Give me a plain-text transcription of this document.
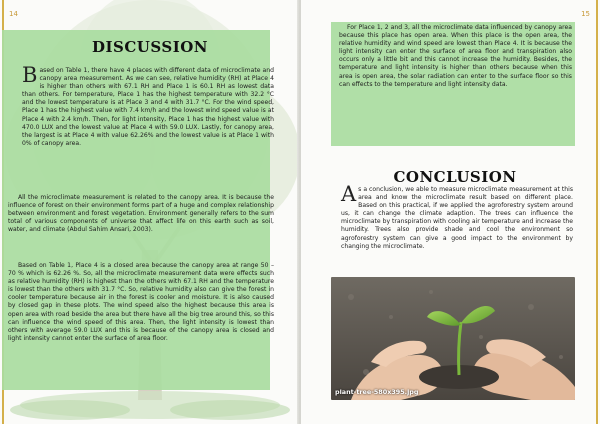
14
DISCUSSION

Based on Table 1, there have 4 places with different data of microclimate and canopy area measurement. As we can see, relative humidity (RH) at Place 4 is higher than others with 67.1 RH and Place 1 is 60.1 RH as lowest data than others. For temperature, Place 1 has the highest temperature with 32.2 °C and the lowest temperature is at Place 3 and 4 with 31.7 °C. For the wind speed, Place 1 has the highest value with 7.4 km/h and the lowest wind speed value is at Place 4 with 2.4 km/h. Then, for light intensity, Place 1 has the highest value with 470.0 LUX and the lowest value at Place 4 with 59.0 LUX. Lastly, for canopy area, the largest is at Place 4 with value 62.26% and the lowest value is at Place 1 with 0% of canopy area.

All the microclimate measurement is related to the canopy area. It is because the influence of forest on their environment forms part of a huge and complex relationship between environment and forest vegetation. Environment generally refers to the sum total of various components of universe that affect life on this earth such as soil, water, and climate (Abdul Sahim Ansari, 2003).

Based on Table 1, Place 4 is a closed area because the canopy area at range 50 – 70 % which is 62.26 %. So, all the microclimate measurement data were effects such as relative humidity (RH) is highest than the others with 67.1 RH and the temperature is lowest than the others with 31.7 °C. So, relative humidity also can give the forest in cooler temperature because air in the forest is cooler and moisture. It is also caused by closed gap in these plots. The wind speed also the highest because this area is open area with road beside the area but there have all the big tree around this, so this can influence the wind speed of this area. Then, the light intensity is lowest than others with average 59.0 LUX and this is because of the canopy area is closed and light intensity cannot enter the surface of area floor.

15

For Place 1, 2 and 3, all the microclimate data influenced by canopy area because this place has open area. When this place is the open area, the relative humidity and wind speed are lowest than Place 4. It is because the light intensity can enter the surface of area floor and transpiration also occurs only a little bit and this cannot increase the humidity. Besides, the temperature and light intensity is higher than others because when this area is open area, the solar radiation can enter to the surface floor so this can effects to the temperature and light intensity data.

CONCLUSION

As a conclusion, we able to measure microclimate measurement at this area and know the microclimate result based on different place. Based on this practical, if we applied the agroforestry system around us, it can change the climate adaption. The trees can influence the microclimate by transpiration with cooling air temperature and increase the humidity. Trees also provide shade and cool the environment so agroforestry system can give a good impact to the environment by changing the microclimate.

plant-tree-580x395.jpg
